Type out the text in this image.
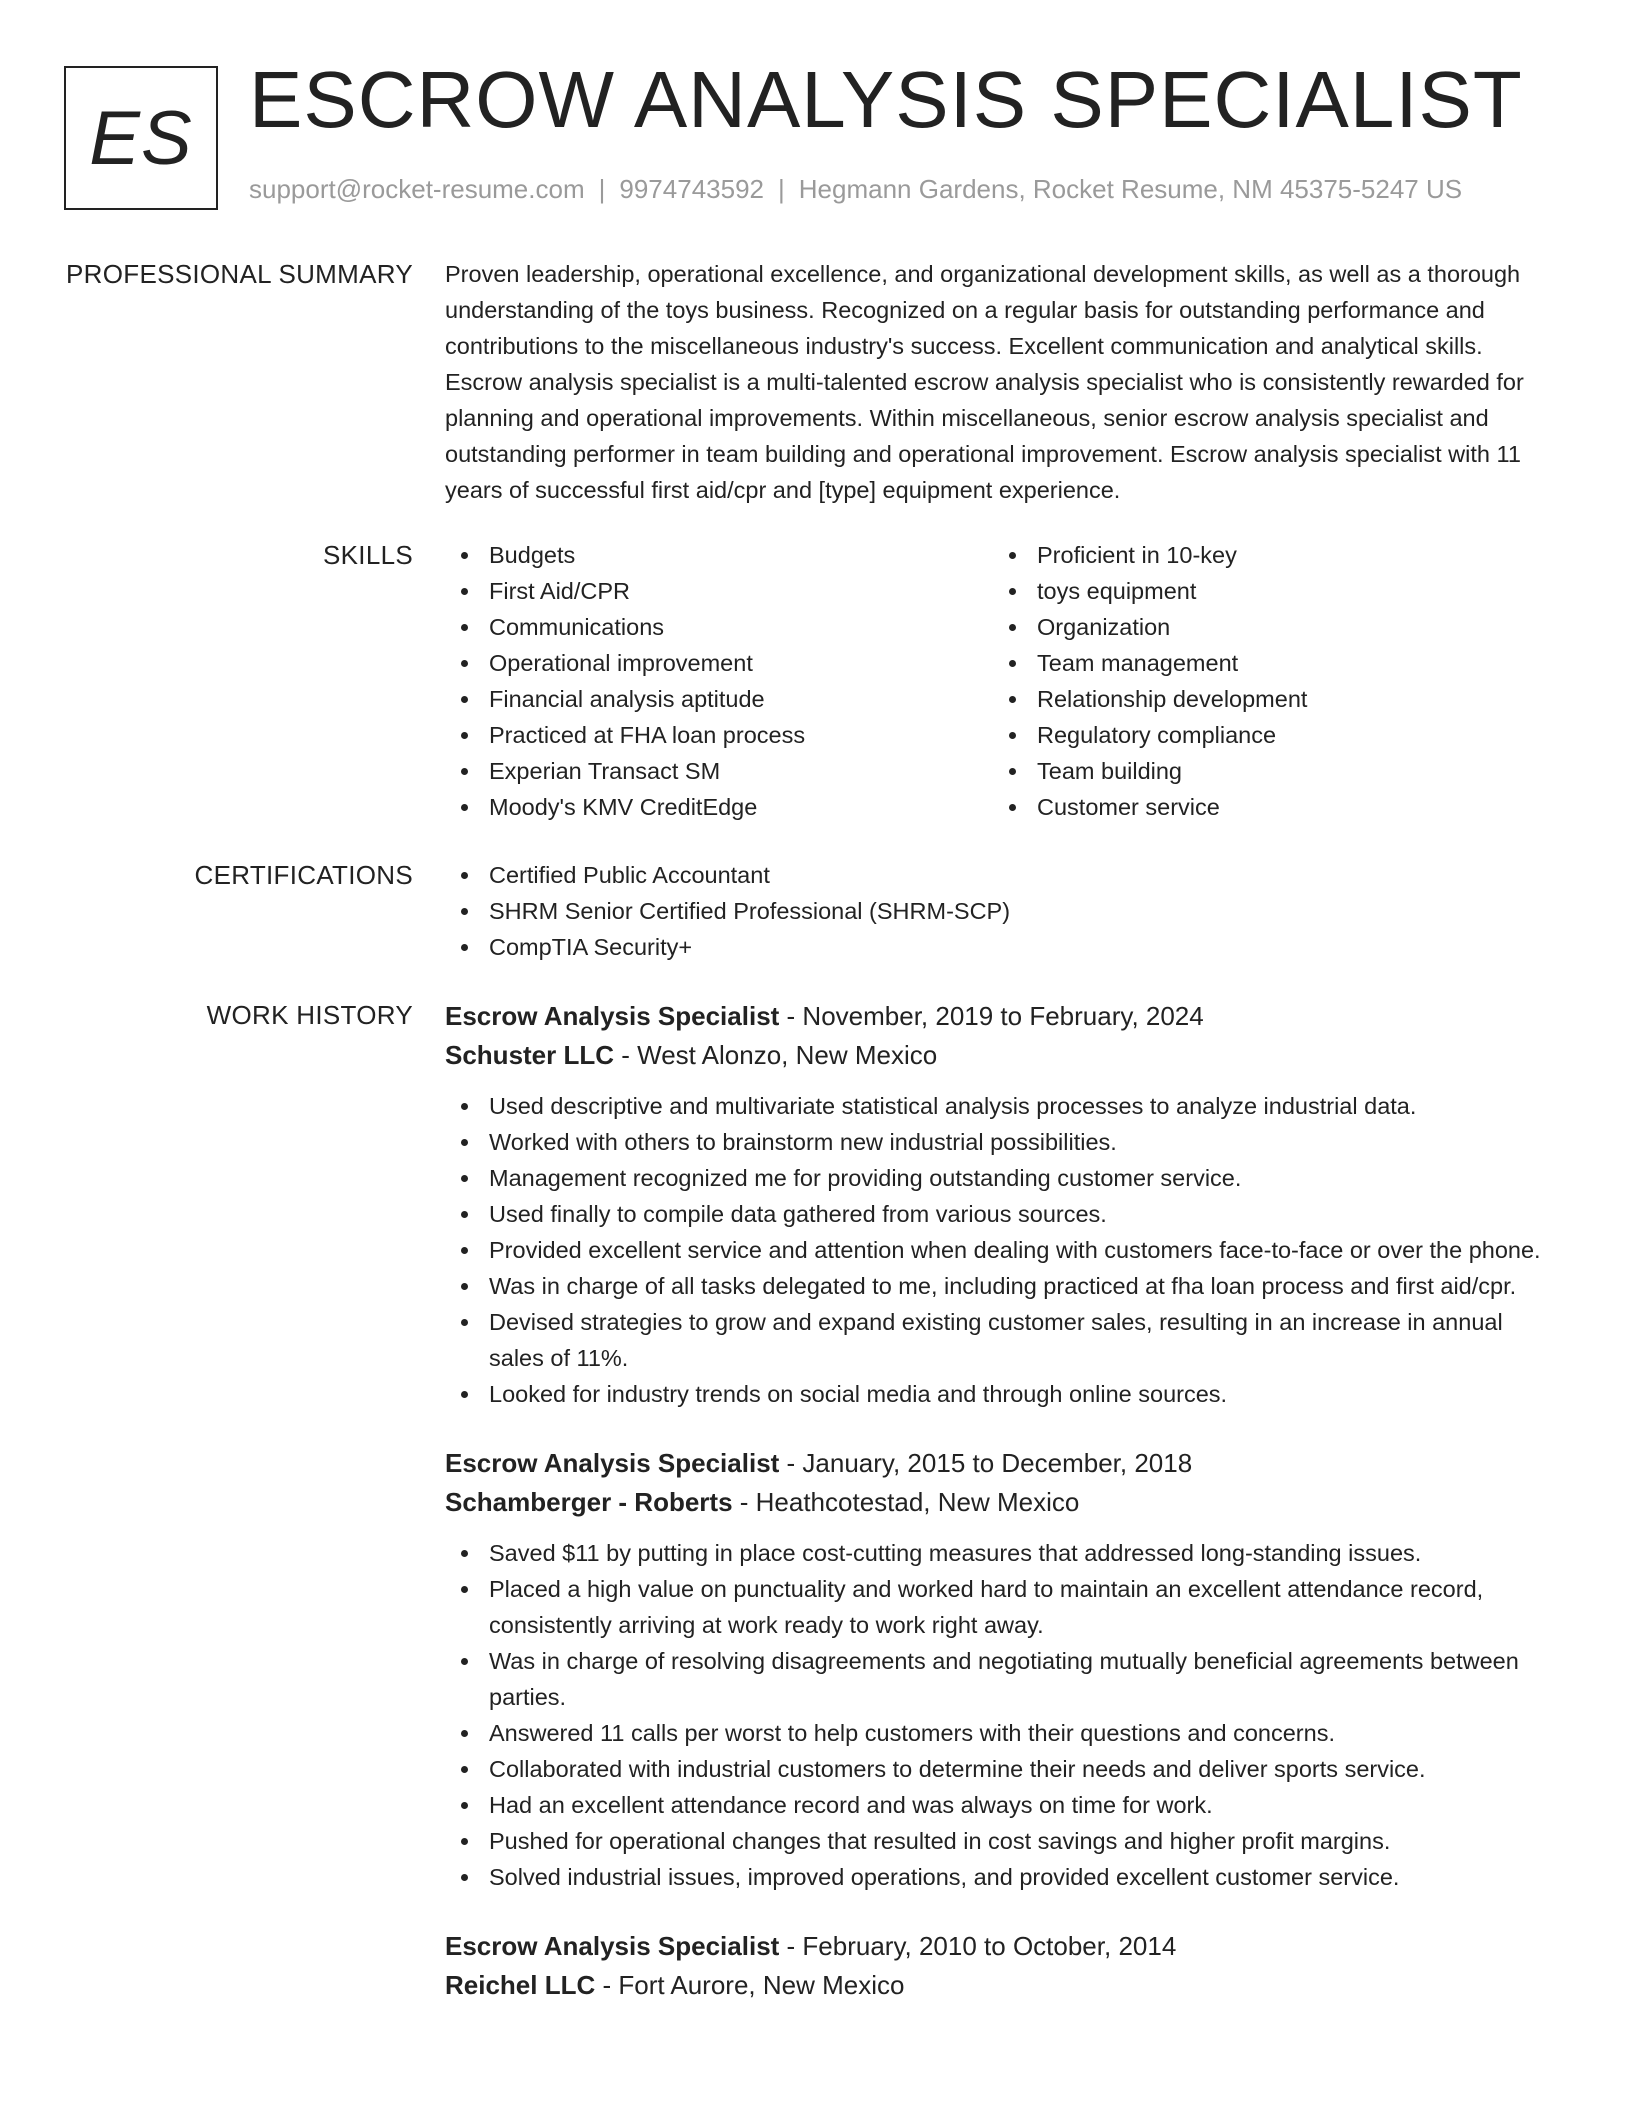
ES ESCROW ANALYSIS SPECIALIST
support@rocket-resume.com | 9974743592 | Hegmann Gardens, Rocket Resume, NM 45375-5247 US
PROFESSIONAL SUMMARY Proven leadership, operational excellence, and organizational development skills, as well as a thorough understanding of the toys business. Recognized on a regular basis for outstanding performance and contributions to the miscellaneous industry's success. Excellent communication and analytical skills. Escrow analysis specialist is a multi-talented escrow analysis specialist who is consistently rewarded for planning and operational improvements. Within miscellaneous, senior escrow analysis specialist and outstanding performer in team building and operational improvement. Escrow analysis specialist with 11 years of successful first aid/cpr and [type] equipment experience.
SKILLS	Budgets
First Aid/CPR
Communications
Operational improvement
Financial analysis aptitude
Practiced at FHA loan process
Experian Transact SM
Moody's KMV CreditEdge
Proficient in 10-key
toys equipment
Organization
Team management
Relationship development
Regulatory compliance
Team building
Customer service
CERTIFICATIONS	Certified Public Accountant
SHRM Senior Certified Professional (SHRM-SCP)
CompTIA Security+
WORK HISTORY Escrow Analysis Specialist - November, 2019 to February, 2024
Schuster LLC - West Alonzo, New Mexico
Used descriptive and multivariate statistical analysis processes to analyze industrial data.
Worked with others to brainstorm new industrial possibilities.
Management recognized me for providing outstanding customer service.
Used finally to compile data gathered from various sources.
Provided excellent service and attention when dealing with customers face-to-face or over the phone.
Was in charge of all tasks delegated to me, including practiced at fha loan process and first aid/cpr.
Devised strategies to grow and expand existing customer sales, resulting in an increase in annual sales of 11%.
Looked for industry trends on social media and through online sources.
Escrow Analysis Specialist - January, 2015 to December, 2018
Schamberger - Roberts - Heathcotestad, New Mexico
Saved $11 by putting in place cost-cutting measures that addressed long-standing issues.
Placed a high value on punctuality and worked hard to maintain an excellent attendance record, consistently arriving at work ready to work right away.
Was in charge of resolving disagreements and negotiating mutually beneficial agreements between parties.
Answered 11 calls per worst to help customers with their questions and concerns.
Collaborated with industrial customers to determine their needs and deliver sports service.
Had an excellent attendance record and was always on time for work.
Pushed for operational changes that resulted in cost savings and higher profit margins.
Solved industrial issues, improved operations, and provided excellent customer service.
Escrow Analysis Specialist - February, 2010 to October, 2014
Reichel LLC - Fort Aurore, New Mexico
